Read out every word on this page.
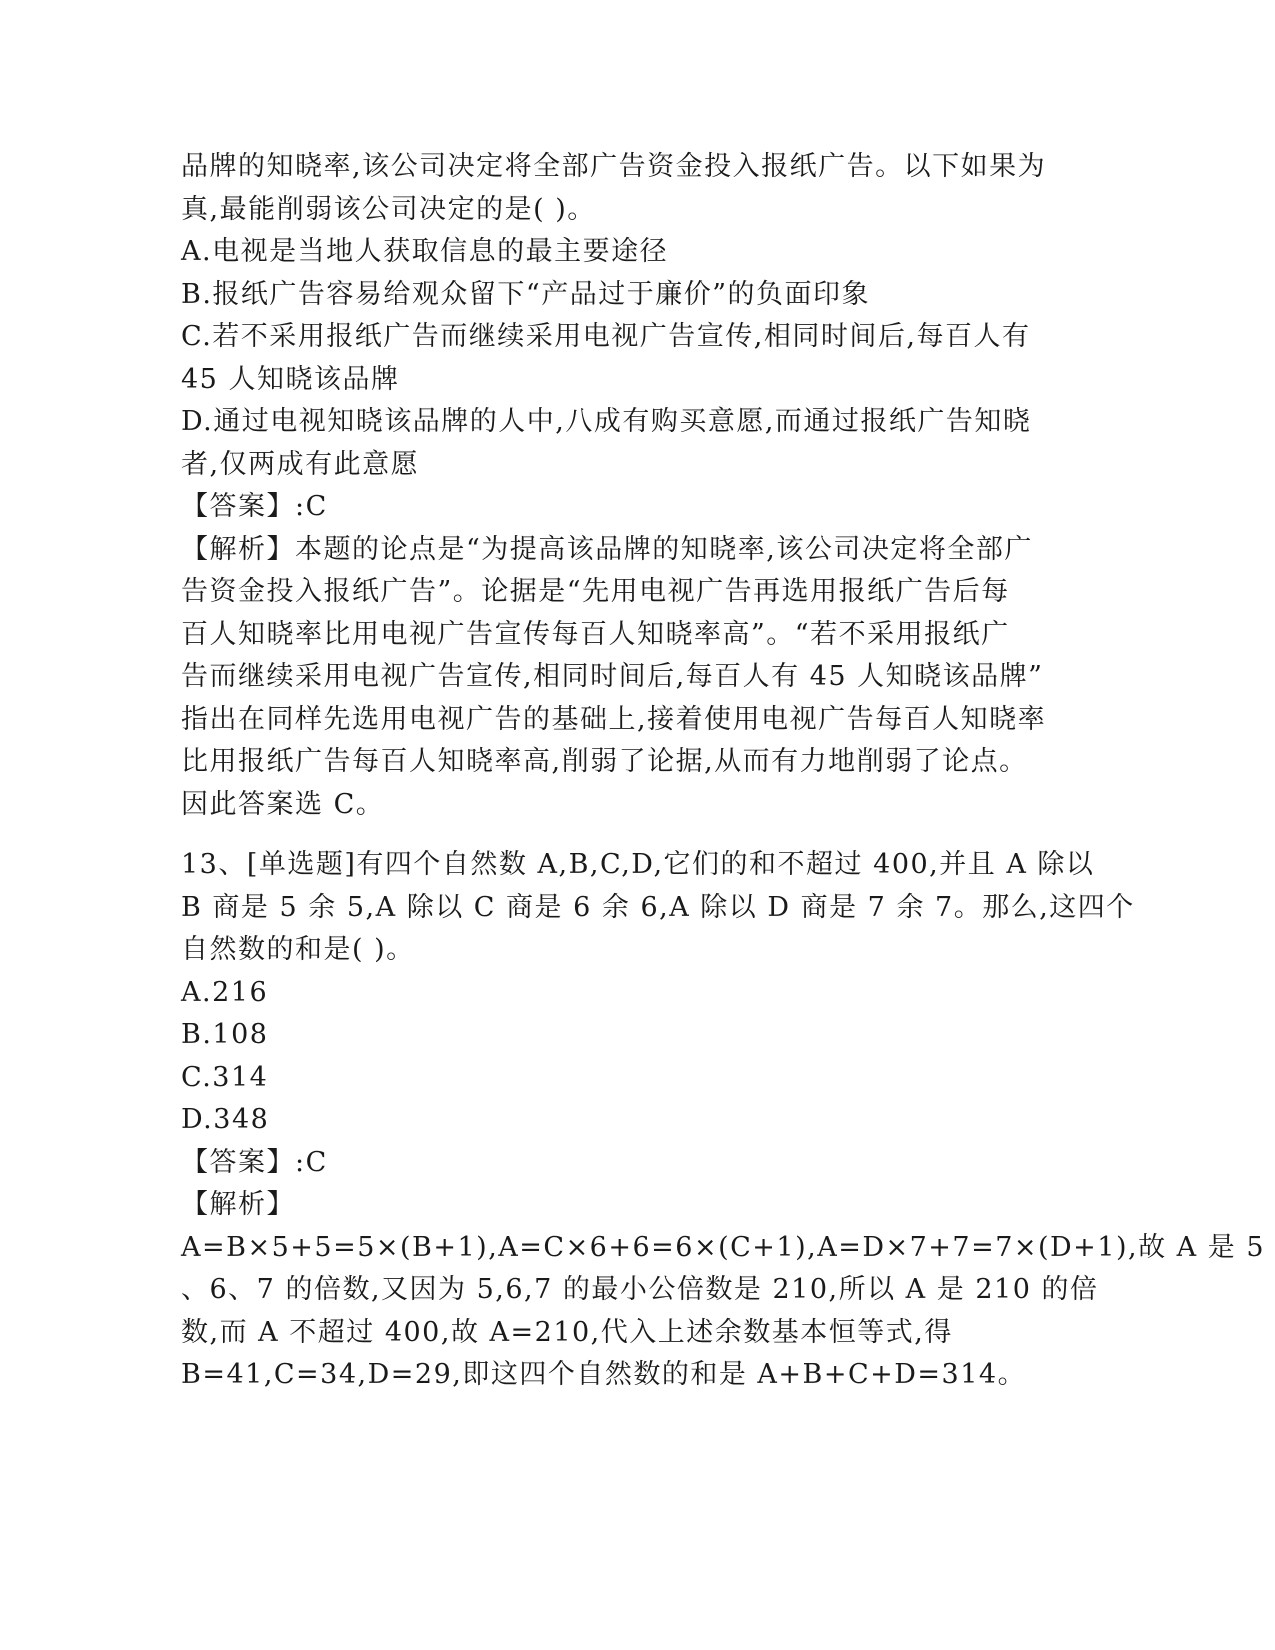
品牌的知晓率,该公司决定将全部广告资金投入报纸广告。以下如果为
真,最能削弱该公司决定的是( )。
A.电视是当地人获取信息的最主要途径
B.报纸广告容易给观众留下“产品过于廉价”的负面印象
C.若不采用报纸广告而继续采用电视广告宣传,相同时间后,每百人有
45 人知晓该品牌
D.通过电视知晓该品牌的人中,八成有购买意愿,而通过报纸广告知晓
者,仅两成有此意愿
【答案】:C
【解析】本题的论点是“为提高该品牌的知晓率,该公司决定将全部广
告资金投入报纸广告”。论据是“先用电视广告再选用报纸广告后每
百人知晓率比用电视广告宣传每百人知晓率高”。“若不采用报纸广
告而继续采用电视广告宣传,相同时间后,每百人有 45 人知晓该品牌”
指出在同样先选用电视广告的基础上,接着使用电视广告每百人知晓率
比用报纸广告每百人知晓率高,削弱了论据,从而有力地削弱了论点。
因此答案选 C。
13、[单选题]有四个自然数 A,B,C,D,它们的和不超过 400,并且 A 除以
B 商是 5 余 5,A 除以 C 商是 6 余 6,A 除以 D 商是 7 余 7。那么,这四个
自然数的和是( )。
A.216
B.108
C.314
D.348
【答案】:C
【解析】
A=B×5+5=5×(B+1),A=C×6+6=6×(C+1),A=D×7+7=7×(D+1),故 A 是 5
、6、7 的倍数,又因为 5,6,7 的最小公倍数是 210,所以 A 是 210 的倍
数,而 A 不超过 400,故 A=210,代入上述余数基本恒等式,得
B=41,C=34,D=29,即这四个自然数的和是 A+B+C+D=314。
